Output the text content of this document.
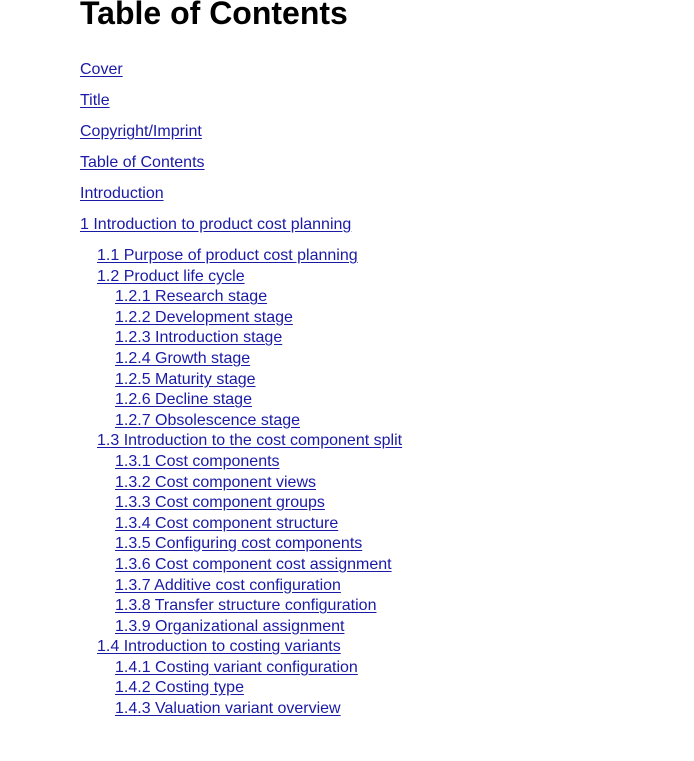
Table of Contents
Cover
Title
Copyright/Imprint
Table of Contents
Introduction
1 Introduction to product cost planning
1.1 Purpose of product cost planning
1.2 Product life cycle
1.2.1 Research stage
1.2.2 Development stage
1.2.3 Introduction stage
1.2.4 Growth stage
1.2.5 Maturity stage
1.2.6 Decline stage
1.2.7 Obsolescence stage
1.3 Introduction to the cost component split
1.3.1 Cost components
1.3.2 Cost component views
1.3.3 Cost component groups
1.3.4 Cost component structure
1.3.5 Configuring cost components
1.3.6 Cost component cost assignment
1.3.7 Additive cost configuration
1.3.8 Transfer structure configuration
1.3.9 Organizational assignment
1.4 Introduction to costing variants
1.4.1 Costing variant configuration
1.4.2 Costing type
1.4.3 Valuation variant overview
